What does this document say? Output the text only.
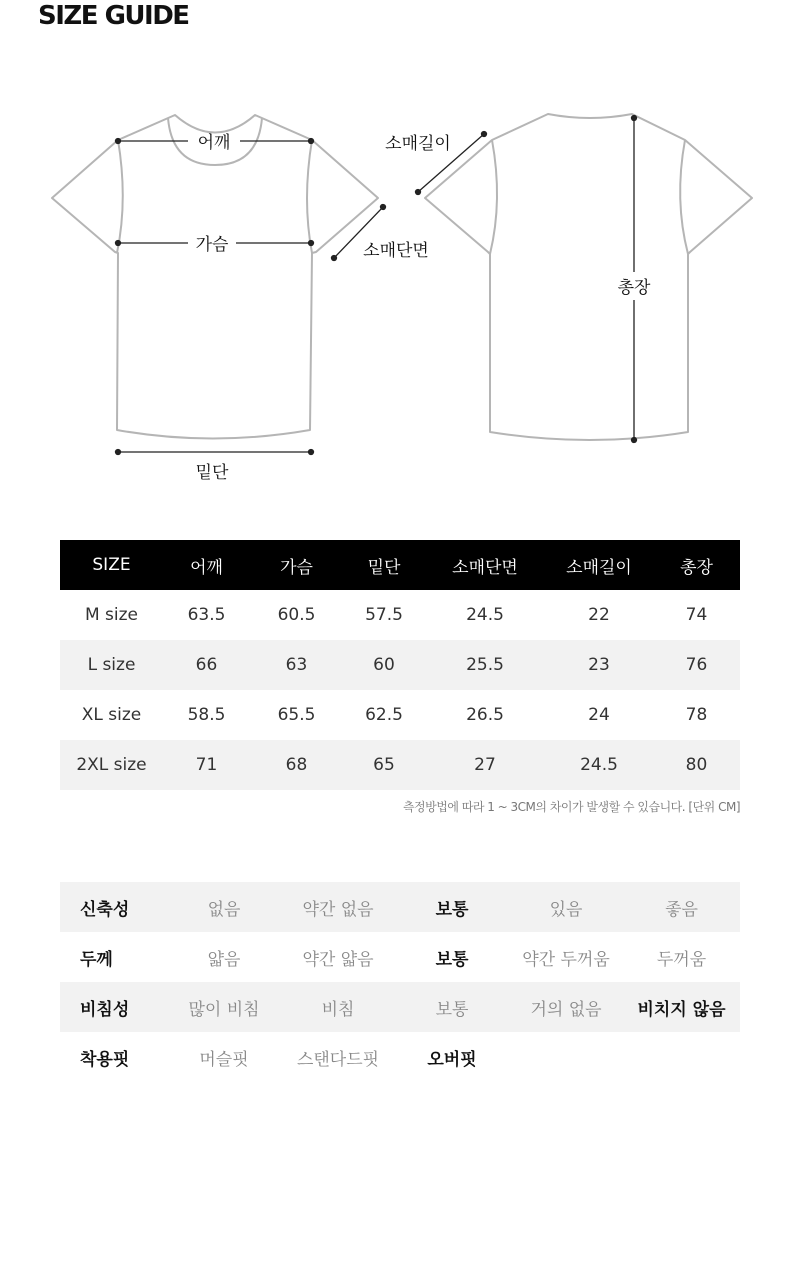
SIZE GUIDE
어깨
가슴
밑단
소매단면
소매길이
총장
SIZE	어깨	가슴	밑단	소매단면	소매길이	총장
M size	63.5	60.5	57.5	24.5	22	74
L size	66	63	60	25.5	23	76
XL size	58.5	65.5	62.5	26.5	24	78
2XL size	71	68	65	27	24.5	80
측정방법에 따라 1 ~ 3CM의 차이가 발생할 수 있습니다. [단위 CM]
신축성	없음	약간 없음	보통	있음	좋음
두께	얇음	약간 얇음	보통	약간 두꺼움	두꺼움
비침성	많이 비침	비침	보통	거의 없음	비치지 않음
착용핏	머슬핏	스탠다드핏	오버핏		
